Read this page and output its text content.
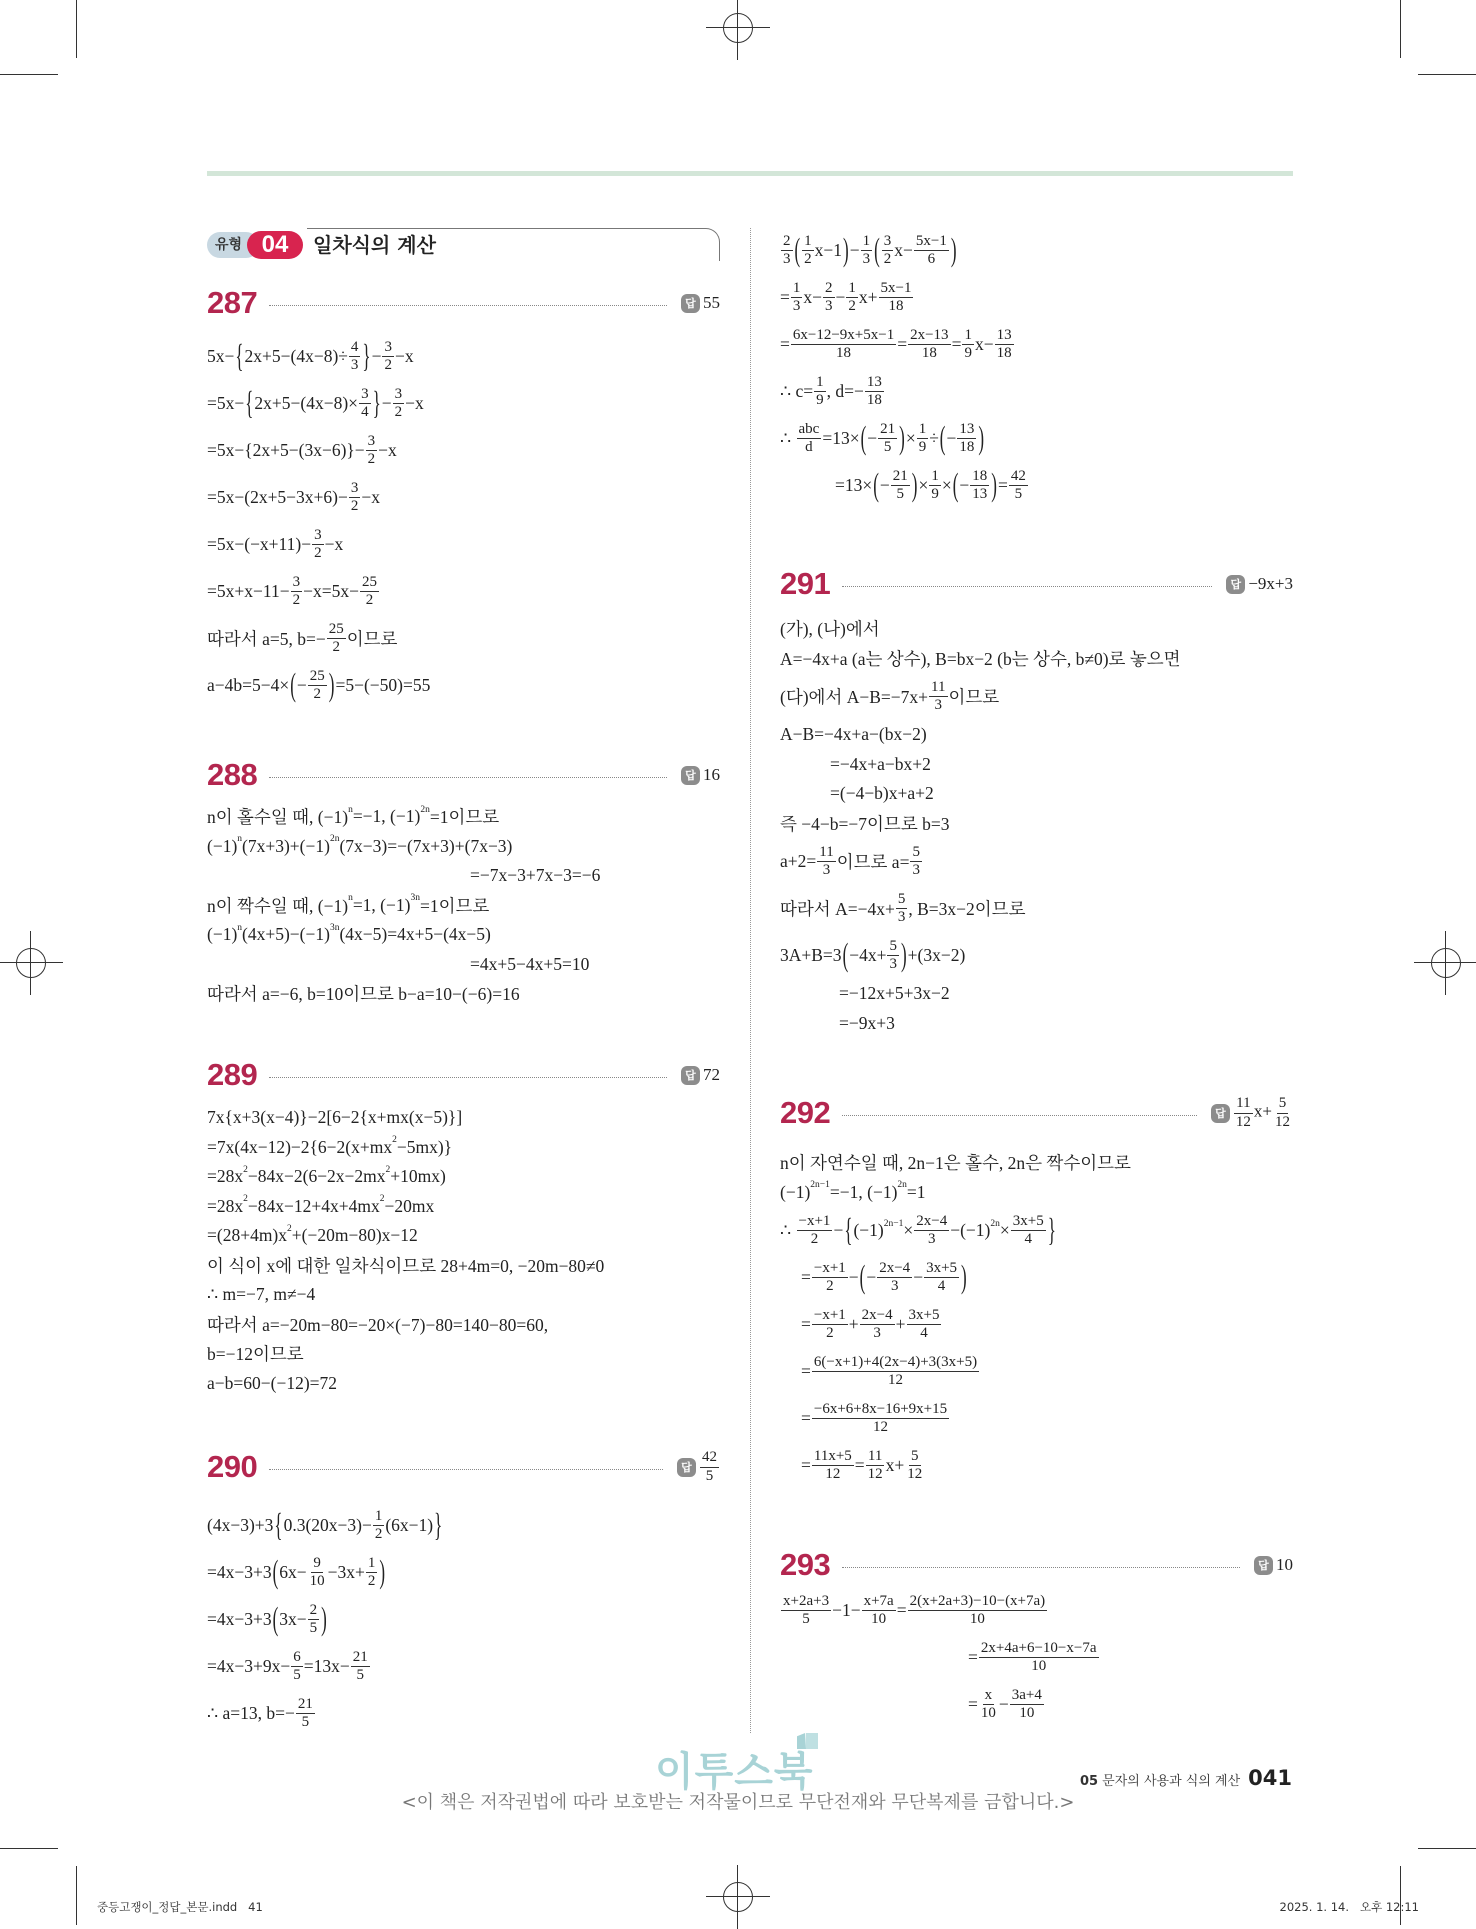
유형 04	일차식의 계산
287	답 55
5x− { $2x+5-(4x-8)\div \frac{4}{3}$ } − $\frac{3}{2} -x$
=5x− { $2x+5-(4x-8)\times \frac{3}{4}$ } − $\frac{3}{2} -x$
$=5x-\{2x+5-(3x-6)\}- \frac{3}{2} -x$
$=5x-(2x+5-3x+6)- \frac{3}{2} -x$
$=5x-(-x+11)- \frac{3}{2} -x$
$=5x+x-11- \frac{3}{2} -x=5x- \frac{25}{2}$
따라서 a=5, $b=- \frac{25}{2}$ 이므로
a−4b=5−4× ( − $\frac{25}{2}$ ) =5−(−50)=55
288	답 16
n이 홀수일 때, $(-1)^n =-1$, $(-1)^{2n} =1$이므로
$(-1)^n$ $(7x+3)+(-1)^{2n}$ (7x−3)=−(7x+3)+(7x−3)
=−7x−3+7x−3=−6
n이 짝수일 때, $(-1)^n =1$, $(-1)^{3n} =1$이므로
$(-1)^n$ $(4x+5)-(-1)^{3n}$ (4x−5)=4x+5−(4x−5)
=4x+5−4x+5=10
따라서 a=−6, b=10이므로 b−a=10−(−6)=16
289	답 72
7x{x+3(x−4)}−2[6−2{x+mx(x−5)}]
$=7x(4x-12)-2\{6-2(x+mx^2 -5mx)\}$
$=28x^2 -84x-2(6-2x-2mx^2 +10mx)$
$=28x^2 -84x-12+4x+4mx^2 -20mx$
$=(28+4m)x^2 +(-20m-80)x-12$
이 식이 x에 대한 일차식이므로 28+4m=0, −20m−80≠0
∴ m=−7, m≠−4
따라서 a=−20m−80=−20×(−7)−80=140−80=60,
b=−12이므로
a−b=60−(−12)=72
290	답 $\frac{42}{5}$
(4x−3)+3 { $0.3(20x-3)- \frac{1}{2} (6x-1)$ }
=4x−3+3 ( $6x- \frac{9}{10} -3x+ \frac{1}{2}$ )
=4x−3+3 ( $3x- \frac{2}{5}$ )
$=4x-3+9x- \frac{6}{5} =13x- \frac{21}{5}$
∴ a=13, $b=- \frac{21}{5}$
$\frac{2}{3}$ ( $\frac{1}{2} x-1$ ) − $\frac{1}{3}$ ( $\frac{3}{2} x- \frac{5x-1}{6}$ )
= $\frac{1}{3} x- \frac{2}{3} - \frac{1}{2} x+ \frac{5x-1}{18}$
= $\frac{6x-12-9x+5x-1}{18} = \frac{2x-13}{18} = \frac{1}{9} x- \frac{13}{18}$
∴ $c= \frac{1}{9}$ , $d=- \frac{13}{18}$
∴ $\frac{\text{abc}}{d} =13\times$ ( − $\frac{21}{5}$ ) × $\frac{1}{9}$ ÷ ( − $\frac{13}{18}$ )
=13× ( − $\frac{21}{5}$ ) × $\frac{1}{9}$ × ( − $\frac{18}{13}$ ) = $\frac{42}{5}$
291	답 −9x+3
(가), (나)에서
A=−4x+a (a는 상수), B=bx−2 (b는 상수, b≠0)로 놓으면
(다)에서 $A-B=-7x+ \frac{11}{3}$ 이므로
A−B=−4x+a−(bx−2)
=−4x+a−bx+2
=(−4−b)x+a+2
즉 −4−b=−7이므로 b=3
$a+2= \frac{11}{3}$ 이므로 $a= \frac{5}{3}$
따라서 $A=-4x+ \frac{5}{3}$ , B=3x−2이므로
3A+B=3 ( $-4x+ \frac{5}{3}$ ) +(3x−2)
=−12x+5+3x−2
=−9x+3
292	답 $\frac{11}{12} x+ \frac{5}{12}$
n이 자연수일 때, 2n−1은 홀수, 2n은 짝수이므로
$(-1)^{2n-1} =-1$, $(-1)^{2n} =1$
∴ $\frac{-x+1}{2}$ − { $(-1)^{2n-1} \times \frac{2x-4}{3} -(-1)^{2n} \times \frac{3x+5}{4}$ }
= $\frac{-x+1}{2}$ − ( − $\frac{2x-4}{3} - \frac{3x+5}{4}$ )
= $\frac{-x+1}{2} + \frac{2x-4}{3} + \frac{3x+5}{4}$
= $\frac{6(-x+1)+4(2x-4)+3(3x+5)}{12}$
= $\frac{-6x+6+8x-16+9x+15}{12}$
= $\frac{11x+5}{12} = \frac{11}{12} x+ \frac{5}{12}$
293	답 10
$\frac{x+2a+3}{5} -1- \frac{x+7a}{10} = \frac{2(x+2a+3)-10-(x+7a)}{10}$
= $\frac{2x+4a+6-10-x-7a}{10}$
= $\frac{x}{10} - \frac{3a+4}{10}$
이투스북
<이 책은 저작권법에 따라 보호받는 저작물이므로 무단전재와 무단복제를 금합니다.>
05 문자의 사용과 식의 계산 041
중등고쟁이_정답_본문.indd   41	2025. 1. 14.   오후 12:11
